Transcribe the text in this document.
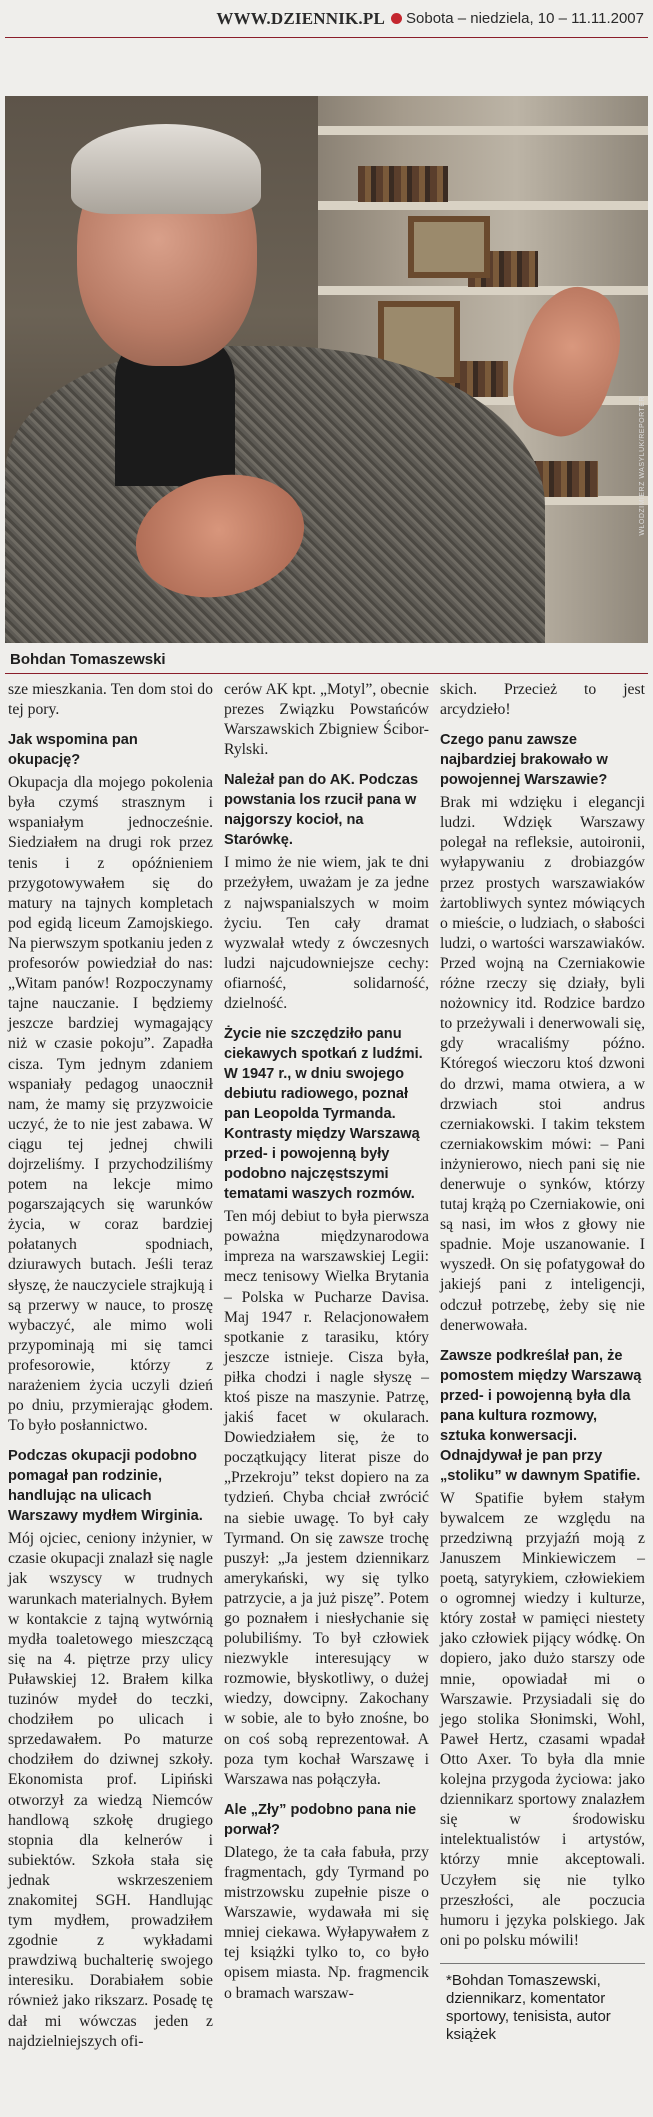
WWW.DZIENNIK.PL Sobota – niedziela, 10 – 11.11.2007
WŁODZIMIERZ WASYLUK/REPORTER
Bohdan Tomaszewski

sze mieszkania. Ten dom stoi do tej pory.

Jak wspomina pan okupację?

Okupacja dla mojego pokolenia była czymś strasznym i wspaniałym jednocześnie. Siedziałem na drugi rok przez tenis i z opóźnieniem przygotowywałem się do matury na tajnych kompletach pod egidą liceum Zamojskiego. Na pierwszym spotkaniu jeden z profesorów powiedział do nas: „Witam panów! Rozpoczynamy tajne nauczanie. I będziemy jeszcze bardziej wymagający niż w czasie pokoju”. Zapadła cisza. Tym jednym zdaniem wspaniały pedagog unaocznił nam, że mamy się przyzwoicie uczyć, że to nie jest zabawa. W ciągu tej jednej chwili dojrzeliśmy. I przychodziliśmy potem na lekcje mimo pogarszających się warunków życia, w coraz bardziej połatanych spodniach, dziurawych butach. Jeśli teraz słyszę, że nauczyciele strajkują i są przerwy w nauce, to proszę wybaczyć, ale mimo woli przypominają mi się tamci profesorowie, którzy z narażeniem życia uczyli dzień po dniu, przymierając głodem. To było posłannictwo.

Podczas okupacji podobno pomagał pan rodzinie, handlując na ulicach Warszawy mydłem Wirginia.

Mój ojciec, ceniony inżynier, w czasie okupacji znalazł się nagle jak wszyscy w trudnych warunkach materialnych. Byłem w kontakcie z tajną wytwórnią mydła toaletowego mieszczącą się na 4. piętrze przy ulicy Puławskiej 12. Brałem kilka tuzinów mydeł do teczki, chodziłem po ulicach i sprzedawałem. Po maturze chodziłem do dziwnej szkoły. Ekonomista prof. Lipiński otworzył za wiedzą Niemców handlową szkołę drugiego stopnia dla kelnerów i subiektów. Szkoła stała się jednak wskrzeszeniem znakomitej SGH. Handlując tym mydłem, prowadziłem zgodnie z wykładami prawdziwą buchalterię swojego interesiku. Dorabiałem sobie również jako rikszarz. Posadę tę dał mi wówczas jeden z najdzielniejszych ofi-

cerów AK kpt. „Motyl”, obecnie prezes Związku Powstańców Warszawskich Zbigniew Ścibor-Rylski.

Należał pan do AK. Podczas powstania los rzucił pana w najgorszy kocioł, na Starówkę.

I mimo że nie wiem, jak te dni przeżyłem, uważam je za jedne z najwspanialszych w moim życiu. Ten cały dramat wyzwalał wtedy z ówczesnych ludzi najcudowniejsze cechy: ofiarność, solidarność, dzielność.

Życie nie szczędziło panu ciekawych spotkań z ludźmi. W 1947 r., w dniu swojego debiutu radiowego, poznał pan Leopolda Tyrmanda. Kontrasty między Warszawą przed- i powojenną były podobno najczęstszymi tematami waszych rozmów.

Ten mój debiut to była pierwsza poważna międzynarodowa impreza na warszawskiej Legii: mecz tenisowy Wielka Brytania – Polska w Pucharze Davisa. Maj 1947 r. Relacjonowałem spotkanie z tarasiku, który jeszcze istnieje. Cisza była, piłka chodzi i nagle słyszę – ktoś pisze na maszynie. Patrzę, jakiś facet w okularach. Dowiedziałem się, że to początkujący literat pisze do „Przekroju” tekst dopiero na za tydzień. Chyba chciał zwrócić na siebie uwagę. To był cały Tyrmand. On się zawsze trochę puszył: „Ja jestem dziennikarz amerykański, wy się tylko patrzycie, a ja już piszę”. Potem go poznałem i niesłychanie się polubiliśmy. To był człowiek niezwykle interesujący w rozmowie, błyskotliwy, o dużej wiedzy, dowcipny. Zakochany w sobie, ale to było znośne, bo on coś sobą reprezentował. A poza tym kochał Warszawę i Warszawa nas połączyła.

Ale „Zły” podobno pana nie porwał?

Dlatego, że ta cała fabuła, przy fragmentach, gdy Tyrmand po mistrzowsku zupełnie pisze o Warszawie, wydawała mi się mniej ciekawa. Wyłapywałem z tej książki tylko to, co było opisem miasta. Np. fragmencik o bramach warszaw-

skich. Przecież to jest arcydzieło!

Czego panu zawsze najbardziej brakowało w powojennej Warszawie?

Brak mi wdzięku i elegancji ludzi. Wdzięk Warszawy polegał na refleksie, autoironii, wyłapywaniu z drobiazgów przez prostych warszawiaków żartobliwych syntez mówiących o mieście, o ludziach, o słabości ludzi, o wartości warszawiaków. Przed wojną na Czerniakowie różne rzeczy się działy, byli nożownicy itd. Rodzice bardzo to przeżywali i denerwowali się, gdy wracaliśmy późno. Któregoś wieczoru ktoś dzwoni do drzwi, mama otwiera, a w drzwiach stoi andrus czerniakowski. I takim tekstem czerniakowskim mówi: – Pani inżynierowo, niech pani się nie denerwuje o synków, którzy tutaj krążą po Czerniakowie, oni są nasi, im włos z głowy nie spadnie. Moje uszanowanie. I wyszedł. On się pofatygował do jakiejś pani z inteligencji, odczuł potrzebę, żeby się nie denerwowała.

Zawsze podkreślał pan, że pomostem między Warszawą przed- i powojenną była dla pana kultura rozmowy, sztuka konwersacji. Odnajdywał je pan przy „stoliku” w dawnym Spatifie.

W Spatifie byłem stałym bywalcem ze względu na przedziwną przyjaźń moją z Januszem Minkiewiczem – poetą, satyrykiem, człowiekiem o ogromnej wiedzy i kulturze, który został w pamięci niestety jako człowiek pijący wódkę. On dopiero, jako dużo starszy ode mnie, opowiadał mi o Warszawie. Przysiadali się do jego stolika Słonimski, Wohl, Paweł Hertz, czasami wpadał Otto Axer. To była dla mnie kolejna przygoda życiowa: jako dziennikarz sportowy znalazłem się w środowisku intelektualistów i artystów, którzy mnie akceptowali. Uczyłem się nie tylko przeszłości, ale poczucia humoru i języka polskiego. Jak oni po polsku mówili!

*Bohdan Tomaszewski, dziennikarz, komentator sportowy, tenisista, autor książek
